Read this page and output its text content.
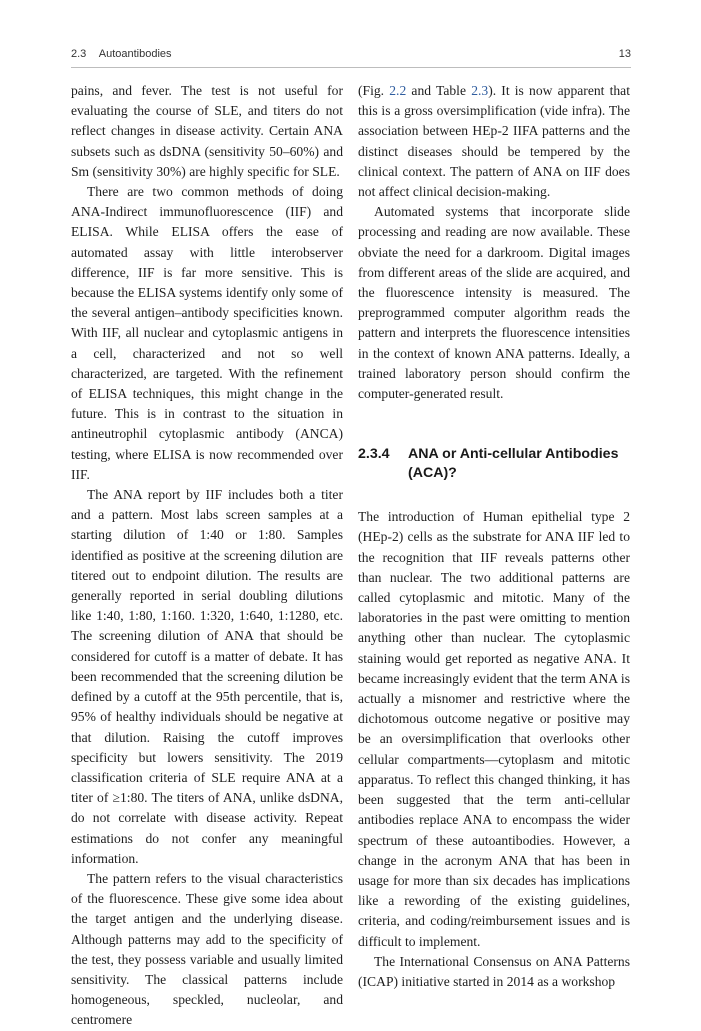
2.3 Autoantibodies	13

pains, and fever. The test is not useful for evaluating the course of SLE, and titers do not reflect changes in disease activity. Certain ANA subsets such as dsDNA (sensitivity 50–60%) and Sm (sensitivity 30%) are highly specific for SLE.

There are two common methods of doing ANA-Indirect immunofluorescence (IIF) and ELISA. While ELISA offers the ease of automated assay with little interobserver difference, IIF is far more sensitive. This is because the ELISA systems identify only some of the several antigen–antibody specificities known. With IIF, all nuclear and cytoplasmic antigens in a cell, characterized and not so well characterized, are targeted. With the refinement of ELISA techniques, this might change in the future. This is in contrast to the situation in antineutrophil cytoplasmic antibody (ANCA) testing, where ELISA is now recommended over IIF.

The ANA report by IIF includes both a titer and a pattern. Most labs screen samples at a starting dilution of 1:40 or 1:80. Samples identified as positive at the screening dilution are titered out to endpoint dilution. The results are generally reported in serial doubling dilutions like 1:40, 1:80, 1:160. 1:320, 1:640, 1:1280, etc. The screening dilution of ANA that should be considered for cutoff is a matter of debate. It has been recommended that the screening dilution be defined by a cutoff at the 95th percentile, that is, 95% of healthy individuals should be negative at that dilution. Raising the cutoff improves specificity but lowers sensitivity. The 2019 classification criteria of SLE require ANA at a titer of ≥1:80. The titers of ANA, unlike dsDNA, do not correlate with disease activity. Repeat estimations do not confer any meaningful information.

The pattern refers to the visual characteristics of the fluorescence. These give some idea about the target antigen and the underlying disease. Although patterns may add to the specificity of the test, they possess variable and usually limited sensitivity. The classical patterns include homogeneous, speckled, nucleolar, and centromere

(Fig. 2.2 and Table 2.3). It is now apparent that this is a gross oversimplification (vide infra). The association between HEp-2 IIFA patterns and the distinct diseases should be tempered by the clinical context. The pattern of ANA on IIF does not affect clinical decision-making.

Automated systems that incorporate slide processing and reading are now available. These obviate the need for a darkroom. Digital images from different areas of the slide are acquired, and the fluorescence intensity is measured. The preprogrammed computer algorithm reads the pattern and interprets the fluorescence intensities in the context of known ANA patterns. Ideally, a trained laboratory person should confirm the computer-generated result.

2.3.4	ANA or Anti-cellular Antibodies (ACA)?

The introduction of Human epithelial type 2 (HEp-2) cells as the substrate for ANA IIF led to the recognition that IIF reveals patterns other than nuclear. The two additional patterns are called cytoplasmic and mitotic. Many of the laboratories in the past were omitting to mention anything other than nuclear. The cytoplasmic staining would get reported as negative ANA. It became increasingly evident that the term ANA is actually a misnomer and restrictive where the dichotomous outcome negative or positive may be an oversimplification that overlooks other cellular compartments—cytoplasm and mitotic apparatus. To reflect this changed thinking, it has been suggested that the term anti-cellular antibodies replace ANA to encompass the wider spectrum of these autoantibodies. However, a change in the acronym ANA that has been in usage for more than six decades has implications like a rewording of the existing guidelines, criteria, and coding/reimbursement issues and is difficult to implement.

The International Consensus on ANA Patterns (ICAP) initiative started in 2014 as a workshop
